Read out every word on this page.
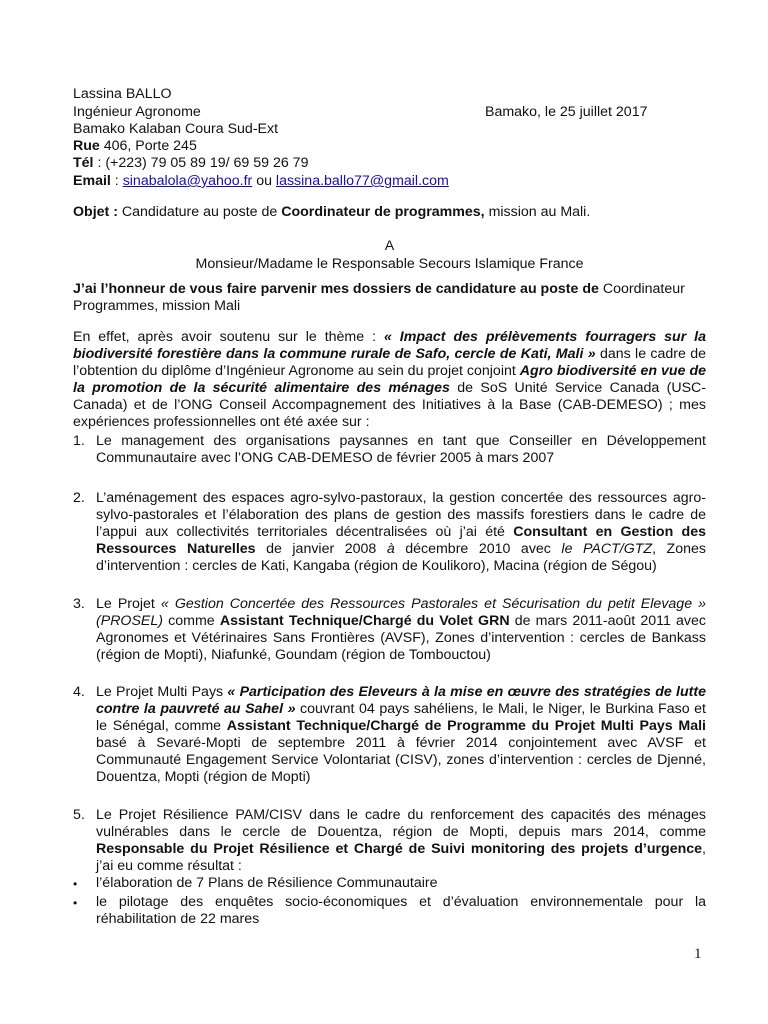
Lassina BALLO
Ingénieur Agronome	Bamako, le 25 juillet 2017
Bamako Kalaban Coura Sud-Ext
Rue 406, Porte 245
Tél : (+223) 79 05 89 19/ 69 59 26 79
Email : sinabalola@yahoo.fr ou lassina.ballo77@gmail.com
Objet : Candidature au poste de Coordinateur de programmes, mission au Mali.
A
Monsieur/Madame le Responsable Secours Islamique France
J’ai l’honneur de vous faire parvenir mes dossiers de candidature au poste de Coordinateur
Programmes, mission Mali
En effet, après avoir soutenu sur le thème : « Impact des prélèvements fourragers sur la biodiversité forestière dans la commune rurale de Safo, cercle de Kati, Mali » dans le cadre de l’obtention du diplôme d’Ingénieur Agronome au sein du projet conjoint Agro biodiversité en vue de la promotion de la sécurité alimentaire des ménages de SoS Unité Service Canada (USC-Canada) et de l’ONG Conseil Accompagnement des Initiatives à la Base (CAB-DEMESO) ; mes expériences professionnelles ont été axée sur :
1. Le management des organisations paysannes en tant que Conseiller en Développement Communautaire avec l’ONG CAB-DEMESO de février 2005 à mars 2007
2. L’aménagement des espaces agro-sylvo-pastoraux, la gestion concertée des ressources agro-sylvo-pastorales et l’élaboration des plans de gestion des massifs forestiers dans le cadre de l’appui aux collectivités territoriales décentralisées où j’ai été Consultant en Gestion des Ressources Naturelles de janvier 2008 à décembre 2010 avec le PACT/GTZ, Zones d’intervention : cercles de Kati, Kangaba (région de Koulikoro), Macina (région de Ségou)
3. Le Projet « Gestion Concertée des Ressources Pastorales et Sécurisation du petit Elevage » (PROSEL) comme Assistant Technique/Chargé du Volet GRN de mars 2011-août 2011 avec Agronomes et Vétérinaires Sans Frontières (AVSF), Zones d’intervention : cercles de Bankass (région de Mopti), Niafunké, Goundam (région de Tombouctou)
4. Le Projet Multi Pays « Participation des Eleveurs à la mise en œuvre des stratégies de lutte contre la pauvreté au Sahel » couvrant 04 pays sahéliens, le Mali, le Niger, le Burkina Faso et le Sénégal, comme Assistant Technique/Chargé de Programme du Projet Multi Pays Mali basé à Sevaré-Mopti de septembre 2011 à février 2014 conjointement avec AVSF et Communauté Engagement Service Volontariat (CISV), zones d’intervention : cercles de Djenné, Douentza, Mopti (région de Mopti)
5. Le Projet Résilience PAM/CISV dans le cadre du renforcement des capacités des ménages vulnérables dans le cercle de Douentza, région de Mopti, depuis mars 2014, comme Responsable du Projet Résilience et Chargé de Suivi monitoring des projets d’urgence, j’ai eu comme résultat :
•	l’élaboration de 7 Plans de Résilience Communautaire
•	le pilotage des enquêtes socio-économiques et d’évaluation environnementale pour la réhabilitation de 22 mares
1
